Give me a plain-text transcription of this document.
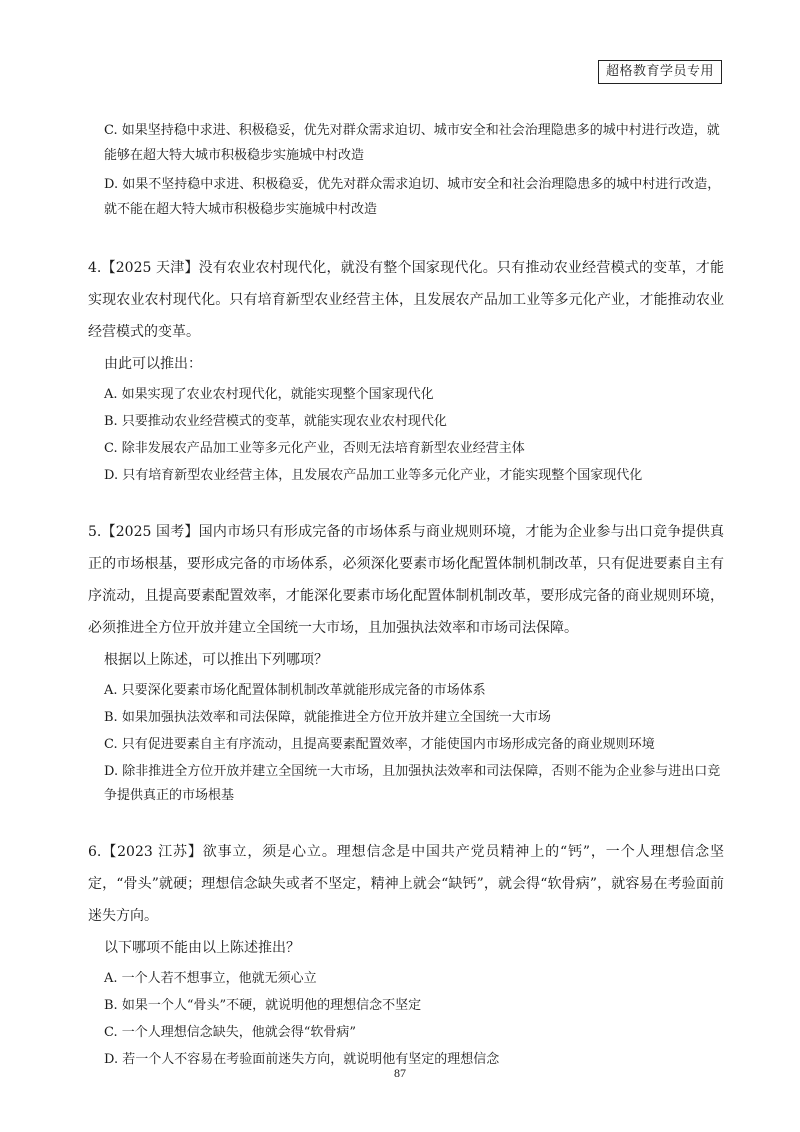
超格教育学员专用
C. 如果坚持稳中求进、积极稳妥，优先对群众需求迫切、城市安全和社会治理隐患多的城中村进行改造，就能够在超大特大城市积极稳步实施城中村改造
D. 如果不坚持稳中求进、积极稳妥，优先对群众需求迫切、城市安全和社会治理隐患多的城中村进行改造，就不能在超大特大城市积极稳步实施城中村改造

4.【2025 天津】没有农业农村现代化，就没有整个国家现代化。只有推动农业经营模式的变革，才能实现农业农村现代化。只有培育新型农业经营主体，且发展农产品加工业等多元化产业，才能推动农业经营模式的变革。

由此可以推出：
A. 如果实现了农业农村现代化，就能实现整个国家现代化
B. 只要推动农业经营模式的变革，就能实现农业农村现代化
C. 除非发展农产品加工业等多元化产业，否则无法培育新型农业经营主体
D. 只有培育新型农业经营主体，且发展农产品加工业等多元化产业，才能实现整个国家现代化

5.【2025 国考】国内市场只有形成完备的市场体系与商业规则环境，才能为企业参与出口竞争提供真正的市场根基，要形成完备的市场体系，必须深化要素市场化配置体制机制改革，只有促进要素自主有序流动，且提高要素配置效率，才能深化要素市场化配置体制机制改革，要形成完备的商业规则环境，必须推进全方位开放并建立全国统一大市场，且加强执法效率和市场司法保障。

根据以上陈述，可以推出下列哪项？
A. 只要深化要素市场化配置体制机制改革就能形成完备的市场体系
B. 如果加强执法效率和司法保障，就能推进全方位开放并建立全国统一大市场
C. 只有促进要素自主有序流动，且提高要素配置效率，才能使国内市场形成完备的商业规则环境
D. 除非推进全方位开放并建立全国统一大市场，且加强执法效率和司法保障，否则不能为企业参与进出口竞争提供真正的市场根基

6.【2023 江苏】欲事立，须是心立。理想信念是中国共产党员精神上的“钙”，一个人理想信念坚定，“骨头”就硬；理想信念缺失或者不坚定，精神上就会“缺钙”，就会得“软骨病”，就容易在考验面前迷失方向。

以下哪项不能由以上陈述推出？
A. 一个人若不想事立，他就无须心立
B. 如果一个人“骨头”不硬，就说明他的理想信念不坚定
C. 一个人理想信念缺失，他就会得“软骨病”
D. 若一个人不容易在考验面前迷失方向，就说明他有坚定的理想信念
87
